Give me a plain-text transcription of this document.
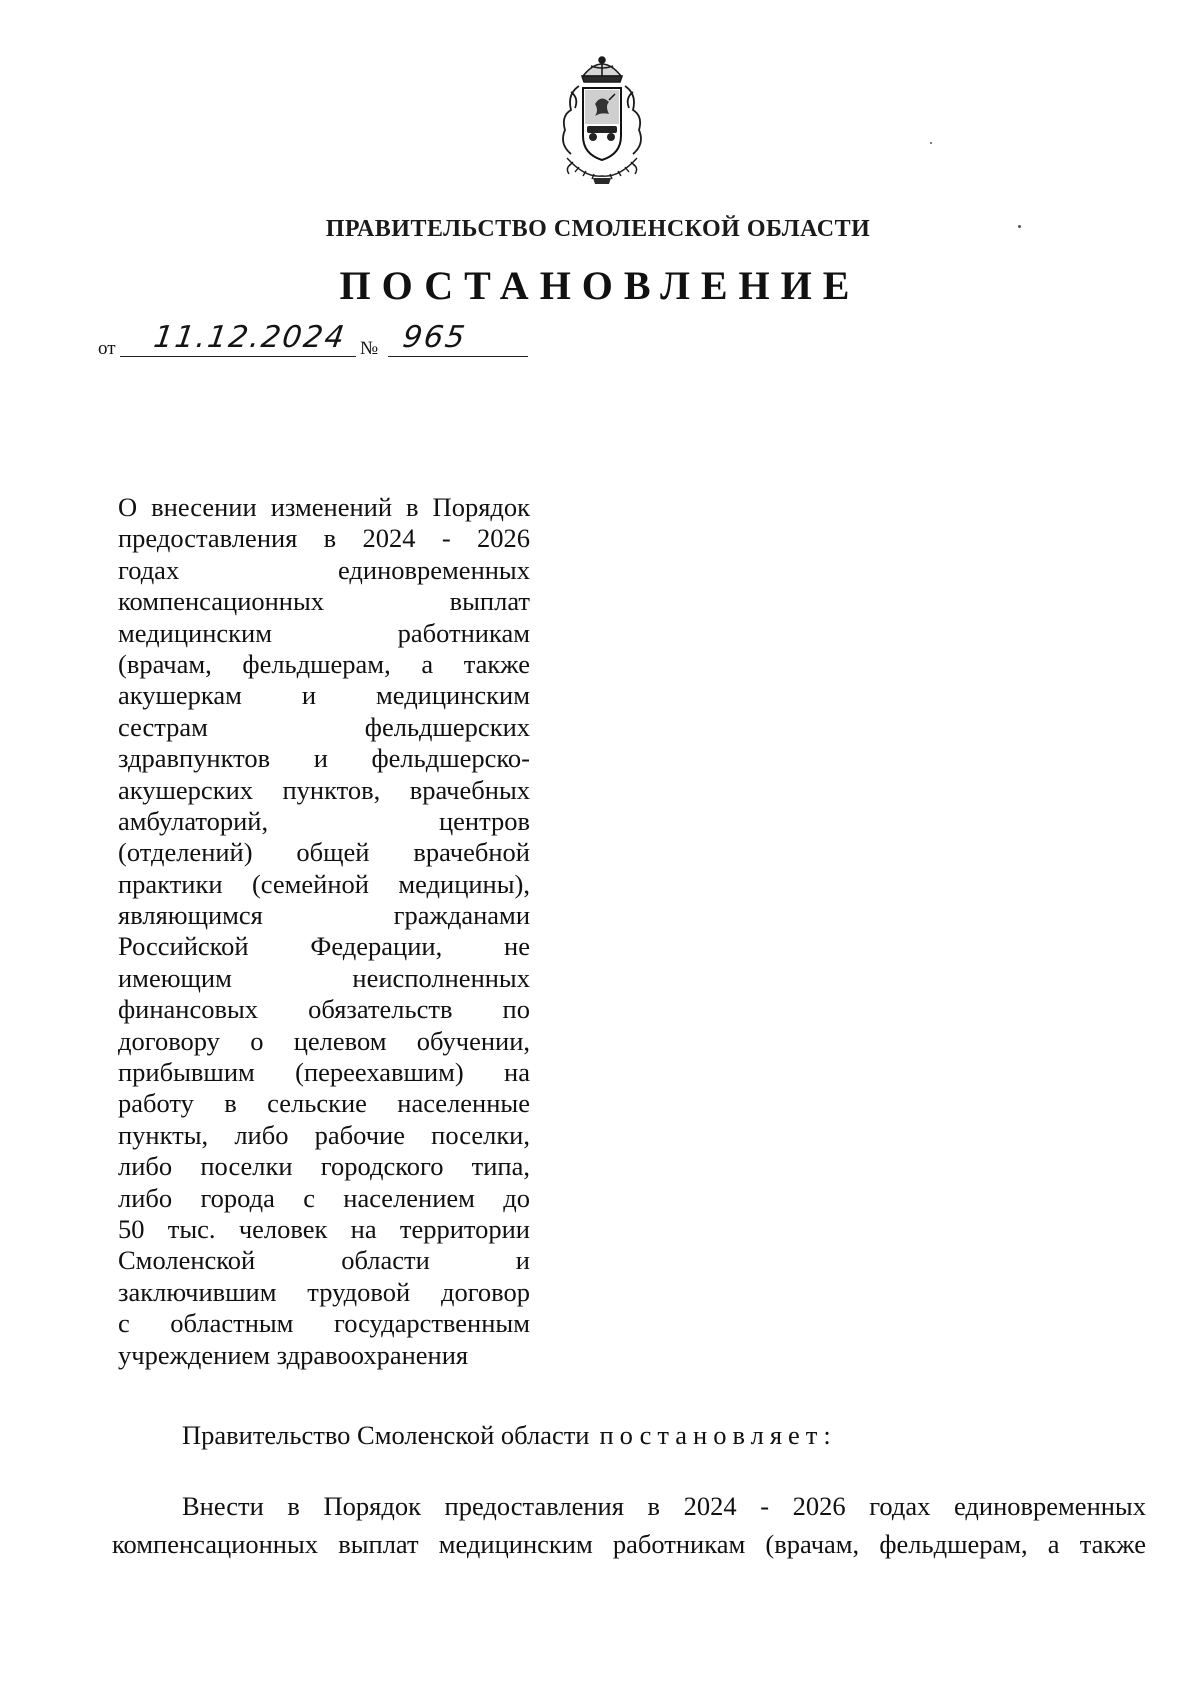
ПРАВИТЕЛЬСТВО СМОЛЕНСКОЙ ОБЛАСТИ
ПОСТАНОВЛЕНИЕ
от 11.12.2024 № 965
О внесении изменений в Порядок
предоставления в 2024 - 2026
годах единовременных
компенсационных выплат
медицинским работникам
(врачам, фельдшерам, а также
акушеркам и медицинским
сестрам фельдшерских
здравпунктов и фельдшерско-
акушерских пунктов, врачебных
амбулаторий, центров
(отделений) общей врачебной
практики (семейной медицины),
являющимся гражданами
Российской Федерации, не
имеющим неисполненных
финансовых обязательств по
договору о целевом обучении,
прибывшим (переехавшим) на
работу в сельские населенные
пункты, либо рабочие поселки,
либо поселки городского типа,
либо города с населением до
50 тыс. человек на территории
Смоленской области и
заключившим трудовой договор
с областным государственным
учреждением здравоохранения
Правительство Смоленской области постановляет:
Внести в Порядок предоставления в 2024 - 2026 годах единовременных
компенсационных выплат медицинским работникам (врачам, фельдшерам, а также
